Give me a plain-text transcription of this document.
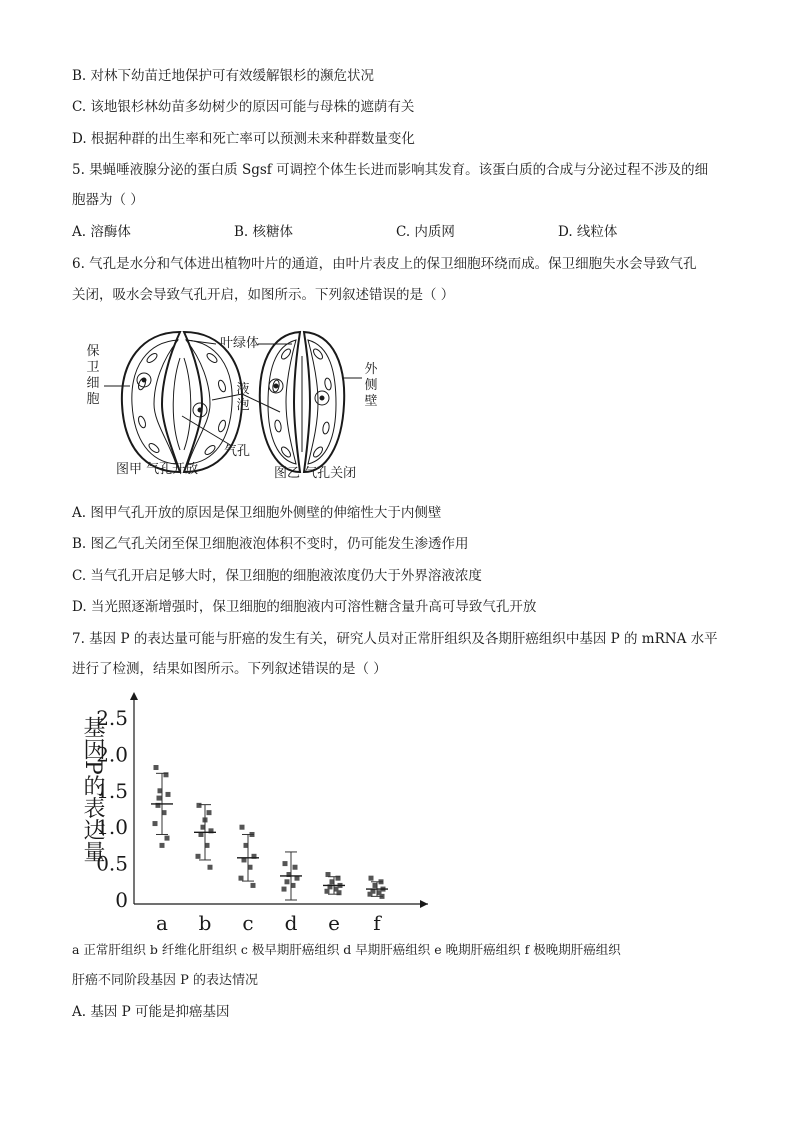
B. 对林下幼苗迁地保护可有效缓解银杉的濒危状况
C. 该地银杉林幼苗多幼树少的原因可能与母株的遮荫有关
D. 根据种群的出生率和死亡率可以预测未来种群数量变化
5. 果蝇唾液腺分泌的蛋白质 Sgsf 可调控个体生长进而影响其发育。该蛋白质的合成与分泌过程不涉及的细
胞器为（ ）
A. 溶酶体	B. 核糖体	C. 内质网	D. 线粒体
6. 气孔是水分和气体进出植物叶片的通道，由叶片表皮上的保卫细胞环绕而成。保卫细胞失水会导致气孔
关闭，吸水会导致气孔开启，如图所示。下列叙述错误的是（ ）
保
卫
细
胞
叶绿体
液
泡
外
侧
壁
气孔
图甲 气孔开放	图乙 气孔关闭
A. 图甲气孔开放的原因是保卫细胞外侧壁的伸缩性大于内侧壁
B. 图乙气孔关闭至保卫细胞液泡体积不变时，仍可能发生渗透作用
C. 当气孔开启足够大时，保卫细胞的细胞液浓度仍大于外界溶液浓度
D. 当光照逐渐增强时，保卫细胞的细胞液内可溶性糖含量升高可导致气孔开放
7. 基因 P 的表达量可能与肝癌的发生有关，研究人员对正常肝组织及各期肝癌组织中基因 P 的 mRNA 水平
进行了检测，结果如图所示。下列叙述错误的是（ ）
0
0.5
1.0
1.5
2.0
2.5
a b c d e f
基因P的表达量
a 正常肝组织 b 纤维化肝组织 c 极早期肝癌组织 d 早期肝癌组织 e 晚期肝癌组织 f 极晚期肝癌组织
肝癌不同阶段基因 P 的表达情况
A. 基因 P 可能是抑癌基因
